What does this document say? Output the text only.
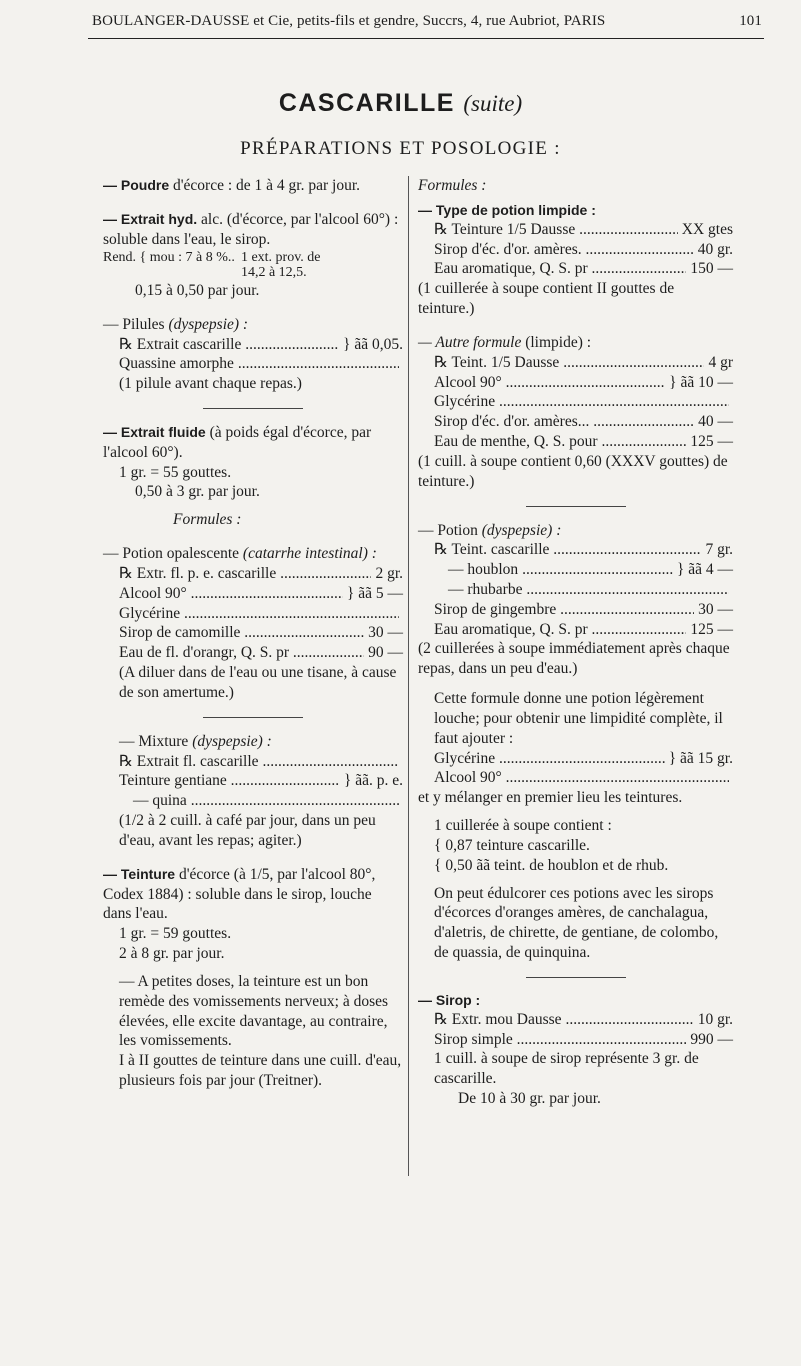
BOULANGER-DAUSSE et Cie, petits-fils et gendre, Succrs, 4, rue Aubriot, PARIS	101
CASCARILLE (suite)
PRÉPARATIONS ET POSOLOGIE :

— Poudre d'écorce : de 1 à 4 gr. par jour.

— Extrait hyd. alc. (d'écorce, par l'alcool 60°) : soluble dans l'eau, le sirop.

Rend. { mou : 7 à 8 %.. 1 ext. prov. de
14,2 à 12,5.

0,15 à 0,50 par jour.

— Pilules (dyspepsie) :

℞ Extrait cascarille .....	} ãã 0,05.
Quassine amorphe .....

(1 pilule avant chaque repas.)

— Extrait fluide (à poids égal d'écorce, par l'alcool 60°).

1 gr. = 55 gouttes.

0,50 à 3 gr. par jour.

Formules :

— Potion opalescente (catarrhe intestinal) :

℞ Extr. fl. p. e. cascarille .....	2 gr.
Alcool 90° .....	} ãã 5 —
Glycérine .....
Sirop de camomille .....	30 —
Eau de fl. d'orangr, Q. S. pr .....	90 —

(A diluer dans de l'eau ou une tisane, à cause de son amertume.)

— Mixture (dyspepsie) :

℞ Extrait fl. cascarille .....
Teinture gentiane .....	} ãã. p. e.
— quina .....

(1/2 à 2 cuill. à café par jour, dans un peu d'eau, avant les repas; agiter.)

— Teinture d'écorce (à 1/5, par l'alcool 80°, Codex 1884) : soluble dans le sirop, louche dans l'eau.

1 gr. = 59 gouttes.

2 à 8 gr. par jour.

— A petites doses, la teinture est un bon remède des vomissements nerveux; à doses élevées, elle excite davantage, au contraire, les vomissements.

I à II gouttes de teinture dans une cuill. d'eau, plusieurs fois par jour (Treitner).

Formules :

— Type de potion limpide :

℞ Teinture 1/5 Dausse .....	XX gtes
Sirop d'éc. d'or. amères. .....	40 gr.
Eau aromatique, Q. S. pr .....	150 —

(1 cuillerée à soupe contient II gouttes de teinture.)

— Autre formule (limpide) :

℞ Teint. 1/5 Dausse .....	4 gr
Alcool 90° .....	} ãã 10 —
Glycérine .....
Sirop d'éc. d'or. amères... .....	40 —
Eau de menthe, Q. S. pour .....	125 —

(1 cuill. à soupe contient 0,60 (XXXV gouttes) de teinture.)

— Potion (dyspepsie) :

℞ Teint. cascarille .....	7 gr.
— houblon .....	} ãã 4 —
— rhubarbe .....
Sirop de gingembre .....	30 —
Eau aromatique, Q. S. pr .....	125 —

(2 cuillerées à soupe immédiatement après chaque repas, dans un peu d'eau.)

Cette formule donne une potion légèrement louche; pour obtenir une limpidité complète, il faut ajouter :

Glycérine .....	} ãã 15 gr.
Alcool 90° .....

et y mélanger en premier lieu les teintures.

1 cuillerée à soupe contient :

{ 0,87 teinture cascarille.

{ 0,50 ãã teint. de houblon et de rhub.

On peut édulcorer ces potions avec les sirops d'écorces d'oranges amères, de canchalagua, d'aletris, de chirette, de gentiane, de colombo, de quassia, de quinquina.

— Sirop :

℞ Extr. mou Dausse .....	10 gr.
Sirop simple .....	990 —

1 cuill. à soupe de sirop représente 3 gr. de cascarille.

De 10 à 30 gr. par jour.
